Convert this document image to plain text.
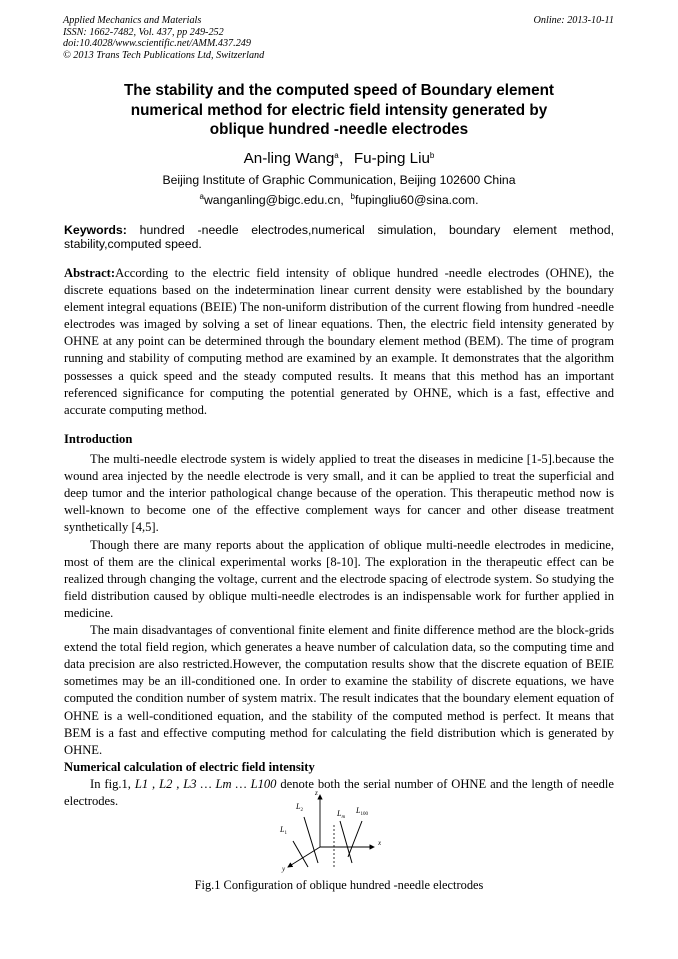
Applied Mechanics and Materials
ISSN: 1662-7482, Vol. 437, pp 249-252
doi:10.4028/www.scientific.net/AMM.437.249
© 2013 Trans Tech Publications Ltd, Switzerland
Online: 2013-10-11
The stability and the computed speed of Boundary element
numerical method for electric field intensity generated by
oblique hundred -needle electrodes
An-ling Wang$^a$，Fu-ping Liu$^b$
Beijing Institute of Graphic Communication, Beijing 102600 China
$^a$wanganling@bigc.edu.cn, $^b$fupingliu60@sina.com.
Keywords: hundred -needle electrodes,numerical simulation, boundary element method, stability,computed speed.
Abstract:According to the electric field intensity of oblique hundred -needle electrodes (OHNE), the discrete equations based on the indetermination linear current density were established by the boundary element integral equations (BEIE) The non-uniform distribution of the current flowing from hundred -needle electrodes was imaged by solving a set of linear equations. Then, the electric field intensity generated by OHNE at any point can be determined through the boundary element method (BEM). The time of program running and stability of computing method are examined by an example. It demonstrates that the algorithm possesses a quick speed and the steady computed results. It means that this method has an important referenced significance for computing the potential generated by OHNE, which is a fast, effective and accurate computing method.
Introduction

The multi-needle electrode system is widely applied to treat the diseases in medicine [1-5].because the wound area injected by the needle electrode is very small, and it can be applied to treat the superficial and deep tumor and the interior pathological change because of the operation. This therapeutic method now is well-known to become one of the effective complement ways for cancer and other disease treatment synthetically [4,5].

Though there are many reports about the application of oblique multi-needle electrodes in medicine, most of them are the clinical experimental works [8-10]. The exploration in the therapeutic effect can be realized through changing the voltage, current and the electrode spacing of electrode system. So studying the field distribution caused by oblique multi-needle electrodes is an indispensable work for further applied in medicine.

The main disadvantages of conventional finite element and finite difference method are the block-grids extend the total field region, which generates a heave number of calculation data, so the computing time and data precision are also restricted.However, the computation results show that the discrete equation of BEIE sometimes may be an ill-conditioned one. In order to examine the stability of discrete equations, we have computed the condition number of system matrix. The result indicates that the boundary element equation of OHNE is a well-conditioned equation, and the stability of the computed method is perfect. It means that BEM is a fast and effective computing method for calculating the field distribution which is generated by OHNE.

Numerical calculation of electric field intensity

In fig.1, L1 , L2 , L3 … Lm … L100 denote both the serial number of OHNE and the length of needle electrodes.

z
x
y
$L_1$
$L_2$	$L_m$
$L_{100}$
Fig.1 Configuration of oblique hundred -needle electrodes
